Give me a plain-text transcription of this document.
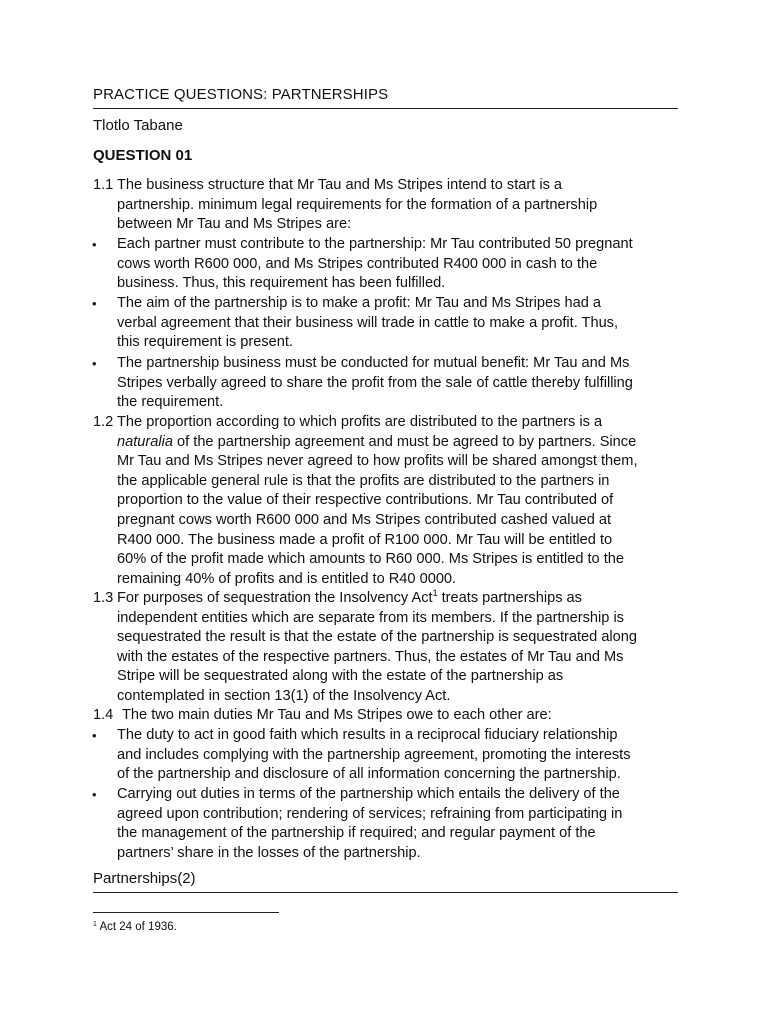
PRACTICE QUESTIONS: PARTNERSHIPS
Tlotlo Tabane
QUESTION 01
1.1 The business structure that Mr Tau and Ms Stripes intend to start is a
partnership. minimum legal requirements for the formation of a partnership
between Mr Tau and Ms Stripes are:
• Each partner must contribute to the partnership: Mr Tau contributed 50 pregnant
cows worth R600 000, and Ms Stripes contributed R400 000 in cash to the
business. Thus, this requirement has been fulfilled.
• The aim of the partnership is to make a profit: Mr Tau and Ms Stripes had a
verbal agreement that their business will trade in cattle to make a profit. Thus,
this requirement is present.
• The partnership business must be conducted for mutual benefit: Mr Tau and Ms
Stripes verbally agreed to share the profit from the sale of cattle thereby fulfilling
the requirement.
1.2 The proportion according to which profits are distributed to the partners is a
naturalia of the partnership agreement and must be agreed to by partners. Since
Mr Tau and Ms Stripes never agreed to how profits will be shared amongst them,
the applicable general rule is that the profits are distributed to the partners in
proportion to the value of their respective contributions. Mr Tau contributed of
pregnant cows worth R600 000 and Ms Stripes contributed cashed valued at
R400 000. The business made a profit of R100 000. Mr Tau will be entitled to
60% of the profit made which amounts to R60 000. Ms Stripes is entitled to the
remaining 40% of profits and is entitled to R40 0000.
1.3 For purposes of sequestration the Insolvency Act$^1$ treats partnerships as
independent entities which are separate from its members. If the partnership is
sequestrated the result is that the estate of the partnership is sequestrated along
with the estates of the respective partners. Thus, the estates of Mr Tau and Ms
Stripe will be sequestrated along with the estate of the partnership as
contemplated in section 13(1) of the Insolvency Act.
1.4 The two main duties Mr Tau and Ms Stripes owe to each other are:
• The duty to act in good faith which results in a reciprocal fiduciary relationship
and includes complying with the partnership agreement, promoting the interests
of the partnership and disclosure of all information concerning the partnership.
• Carrying out duties in terms of the partnership which entails the delivery of the
agreed upon contribution; rendering of services; refraining from participating in
the management of the partnership if required; and regular payment of the
partners’ share in the losses of the partnership.
Partnerships(2)
$^1$ Act 24 of 1936.
